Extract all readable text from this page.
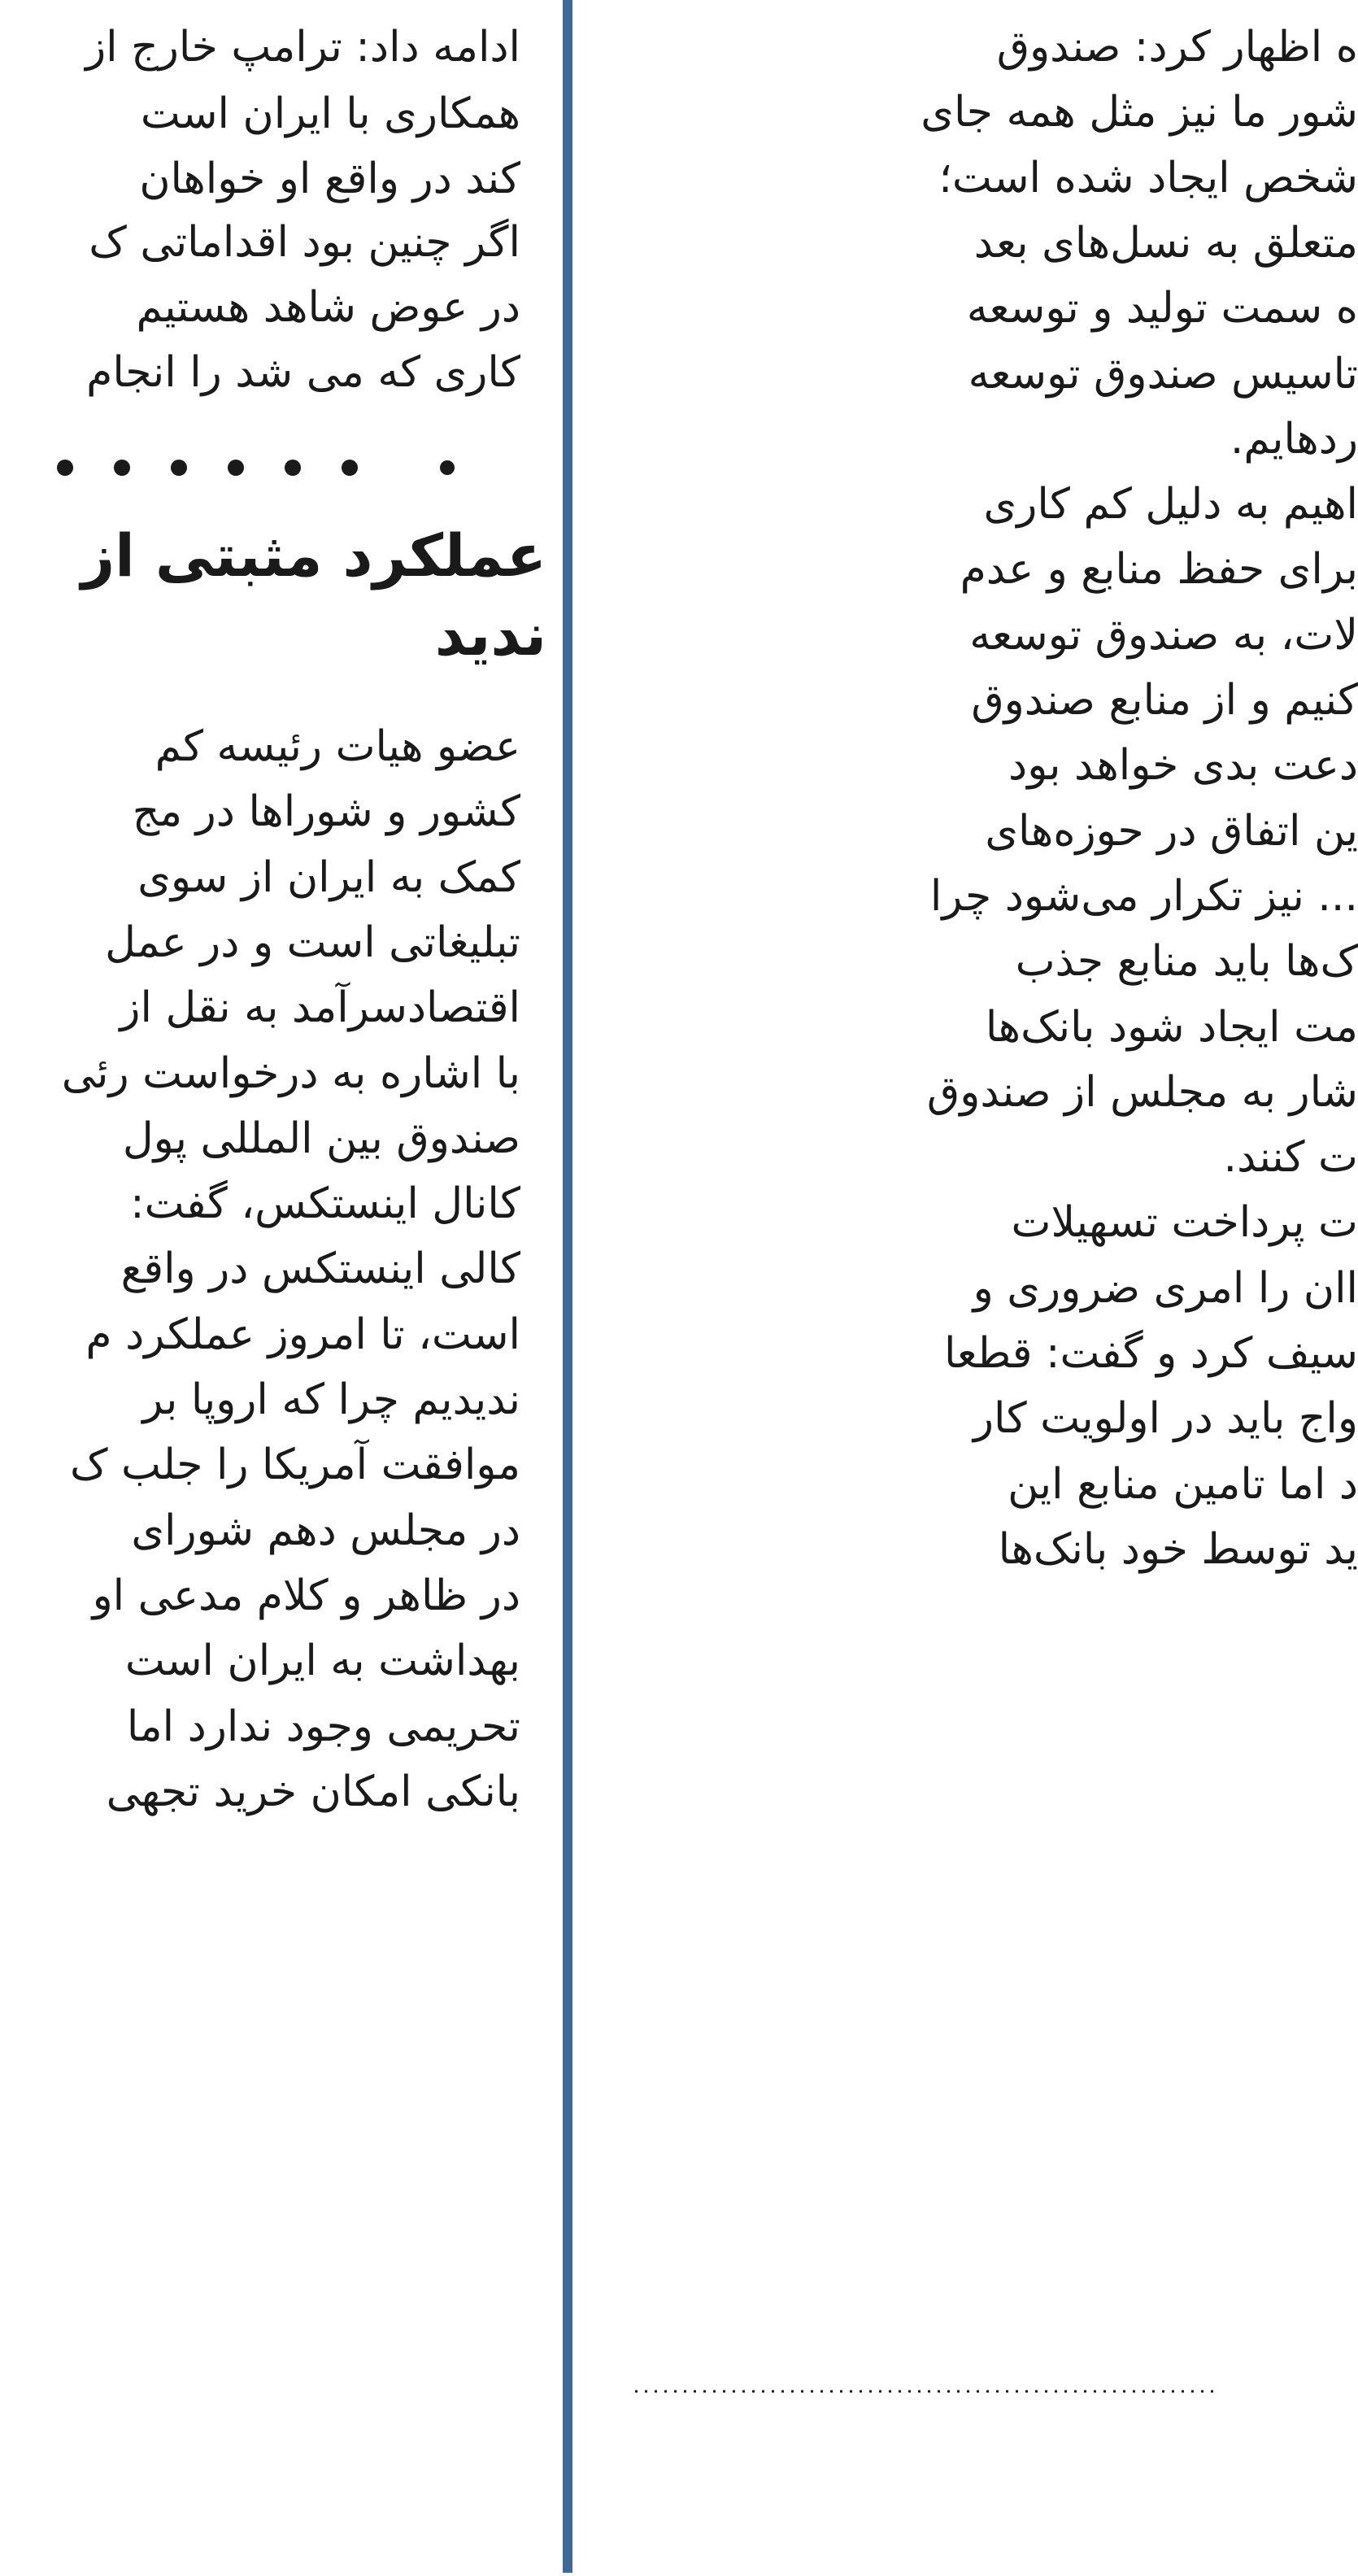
ادامه داد: ترامپ خارج از
همکاری با ایران است
کند در واقع او خواهان
اگر چنین بود اقداماتی ک
در عوض شاهد هستیم
کاری که می شد را انجام
عملکرد مثبتی از
ندید
عضو هیات رئیسه کم
کشور و شوراها در مج
کمک به ایران از سوی
تبلیغاتی است و در عمل
اقتصادسرآمد به نقل از
با اشاره به درخواست رئی
صندوق بین المللی پول
کانال اینستکس، گفت:
کالی اینستکس در واقع
است، تا امروز عملکرد م
ندیدیم چرا که اروپا بر
موافقت آمریکا را جلب ک
در مجلس دهم شورای
در ظاهر و کلام مدعی او
بهداشت به ایران است
تحریمی وجود ندارد اما
بانکی امکان خرید تجهی
ه اظهار کرد: صندوق
شور ما نیز مثل همه جای
شخص ایجاد شده است؛
متعلق به نسل‌های بعد
ه سمت تولید و توسعه
تاسیس صندوق توسعه
ردهایم.
اهیم به دلیل کم کاری
برای حفظ منابع و عدم
لات، به صندوق توسعه
کنیم و از منابع صندوق
دعت بدی خواهد بود
ین اتفاق در حوزه‌های
... نیز تکرار می‌شود چرا
ک‌ها باید منابع جذب
مت ایجاد شود بانک‌ها
شار به مجلس از صندوق
ت کنند.
ت پرداخت تسهیلات
اان را امری ضروری و
سیف کرد و گفت: قطعا
واج باید در اولویت کار
د اما تامین منابع این
ید توسط خود بانک‌ها
